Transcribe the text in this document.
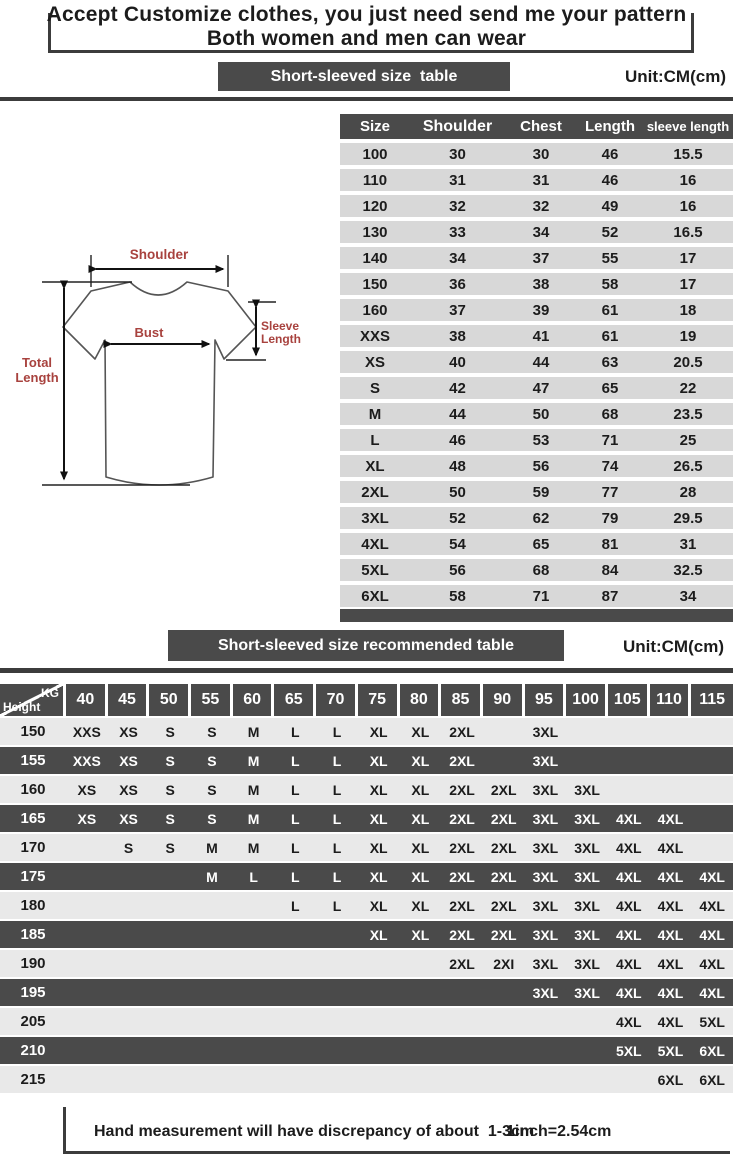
Accept Customize clothes, you just need send me your pattern
Both women and men can wear
Short-sleeved size  table	Unit:CM(cm)
Shoulder
Bust	Sleeve
Length
Total
Length
Size	Shoulder	Chest	Length	sleeve length
100	30	30	46	15.5
110	31	31	46	16
120	32	32	49	16
130	33	34	52	16.5
140	34	37	55	17
150	36	38	58	17
160	37	39	61	18
XXS	38	41	61	19
XS	40	44	63	20.5
S	42	47	65	22
M	44	50	68	23.5
L	46	53	71	25
XL	48	56	74	26.5
2XL	50	59	77	28
3XL	52	62	79	29.5
4XL	54	65	81	31
5XL	56	68	84	32.5
6XL	58	71	87	34
Short-sleeved size recommended table	Unit:CM(cm)
KG
Height	40	45	50	55	60	65	70	75	80	85	90	95	100	105	110	115
150	XXS	XS	S	S	M	L	L	XL	XL	2XL		3XL				
155	XXS	XS	S	S	M	L	L	XL	XL	2XL		3XL				
160	XS	XS	S	S	M	L	L	XL	XL	2XL	2XL	3XL	3XL			
165	XS	XS	S	S	M	L	L	XL	XL	2XL	2XL	3XL	3XL	4XL	4XL	
170		S	S	M	M	L	L	XL	XL	2XL	2XL	3XL	3XL	4XL	4XL	
175				M	L	L	L	XL	XL	2XL	2XL	3XL	3XL	4XL	4XL	4XL
180						L	L	XL	XL	2XL	2XL	3XL	3XL	4XL	4XL	4XL
185								XL	XL	2XL	2XL	3XL	3XL	4XL	4XL	4XL
190										2XL	2XI	3XL	3XL	4XL	4XL	4XL
195												3XL	3XL	4XL	4XL	4XL
205														4XL	4XL	5XL
210														5XL	5XL	6XL
215															6XL	6XL
Hand measurement will have discrepancy of about  1-3cm
1inch=2.54cm
